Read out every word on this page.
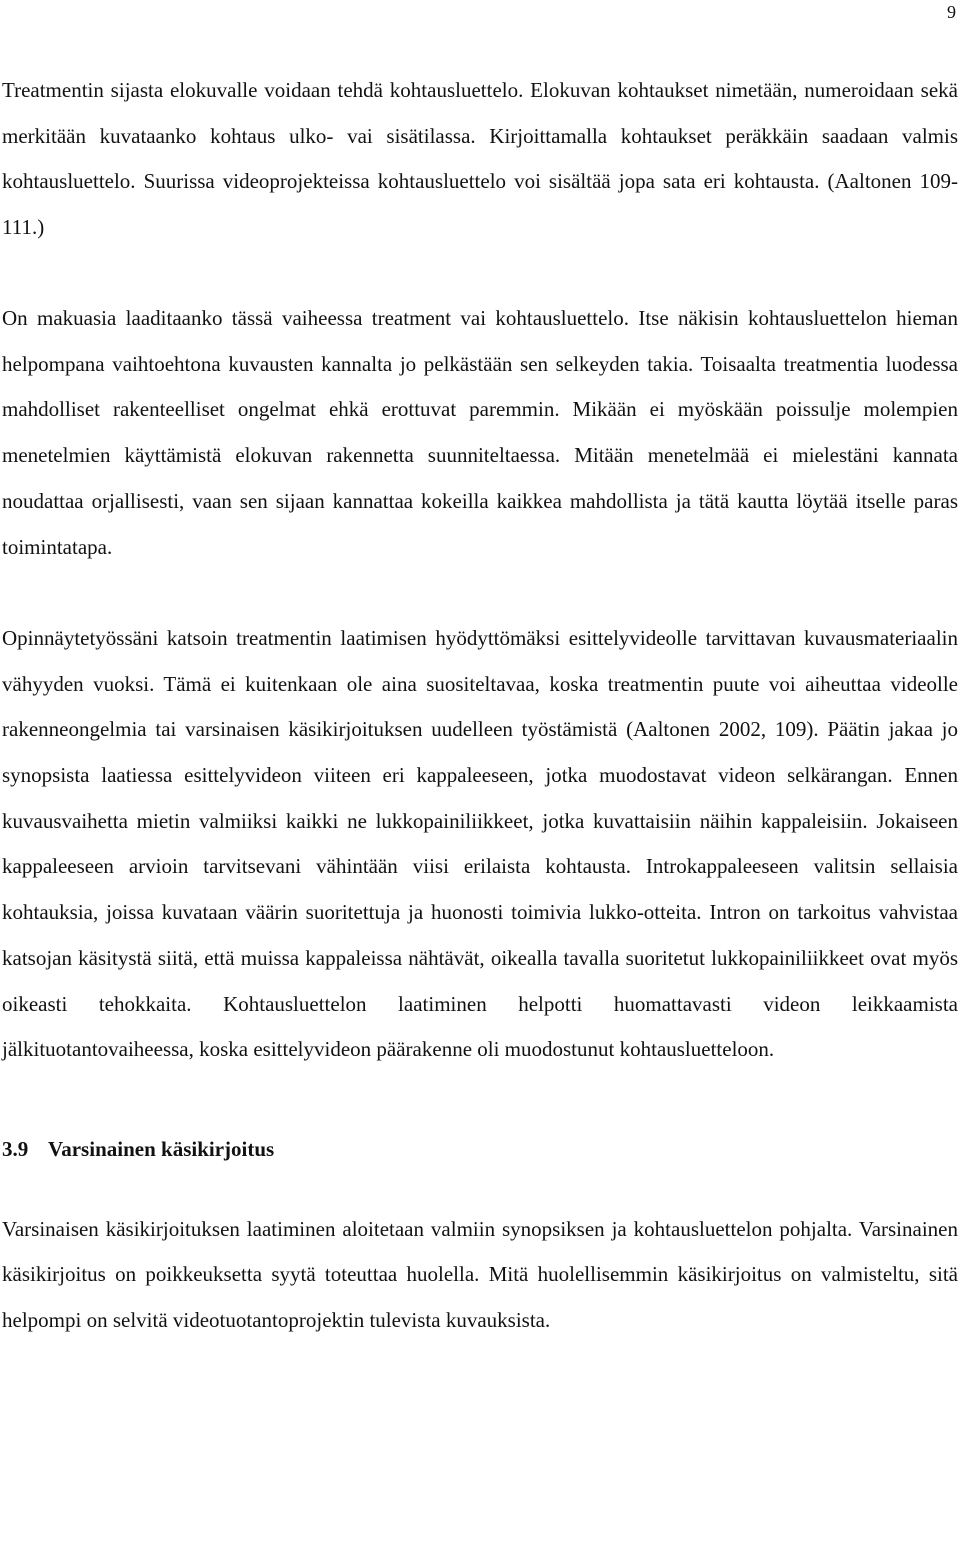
9

Treatmentin sijasta elokuvalle voidaan tehdä kohtausluettelo. Elokuvan kohtaukset nimetään, numeroidaan sekä merkitään kuvataanko kohtaus ulko- vai sisätilassa. Kirjoittamalla kohtaukset peräkkäin saadaan valmis kohtausluettelo. Suurissa videoprojekteissa kohtausluettelo voi sisältää jopa sata eri kohtausta. (Aaltonen 109-111.)

On makuasia laaditaanko tässä vaiheessa treatment vai kohtausluettelo. Itse näkisin kohtausluettelon hieman helpompana vaihtoehtona kuvausten kannalta jo pelkästään sen selkeyden takia. Toisaalta treatmentia luodessa mahdolliset rakenteelliset ongelmat ehkä erottuvat paremmin. Mikään ei myöskään poissulje molempien menetelmien käyttämistä elokuvan rakennetta suunniteltaessa. Mitään menetelmää ei mielestäni kannata noudattaa orjallisesti, vaan sen sijaan kannattaa kokeilla kaikkea mahdollista ja tätä kautta löytää itselle paras toimintatapa.

Opinnäytetyössäni katsoin treatmentin laatimisen hyödyttömäksi esittelyvideolle tarvittavan kuvausmateriaalin vähyyden vuoksi. Tämä ei kuitenkaan ole aina suositeltavaa, koska treatmentin puute voi aiheuttaa videolle rakenneongelmia tai varsinaisen käsikirjoituksen uudelleen työstämistä (Aaltonen 2002, 109). Päätin jakaa jo synopsista laatiessa esittelyvideon viiteen eri kappaleeseen, jotka muodostavat videon selkärangan. Ennen kuvausvaihetta mietin valmiiksi kaikki ne lukkopainiliikkeet, jotka kuvattaisiin näihin kappaleisiin. Jokaiseen kappaleeseen arvioin tarvitsevani vähintään viisi erilaista kohtausta. Introkappaleeseen valitsin sellaisia kohtauksia, joissa kuvataan väärin suoritettuja ja huonosti toimivia lukko-otteita. Intron on tarkoitus vahvistaa katsojan käsitystä siitä, että muissa kappaleissa nähtävät, oikealla tavalla suoritetut lukkopainiliikkeet ovat myös oikeasti tehokkaita. Kohtausluettelon laatiminen helpotti huomattavasti videon leikkaamista jälkituotantovaiheessa, koska esittelyvideon päärakenne oli muodostunut kohtausluetteloon.

3.9 Varsinainen käsikirjoitus

Varsinaisen käsikirjoituksen laatiminen aloitetaan valmiin synopsiksen ja kohtausluettelon pohjalta. Varsinainen käsikirjoitus on poikkeuksetta syytä toteuttaa huolella. Mitä huolellisemmin käsikirjoitus on valmisteltu, sitä helpompi on selvitä videotuotantoprojektin tulevista kuvauksista.
